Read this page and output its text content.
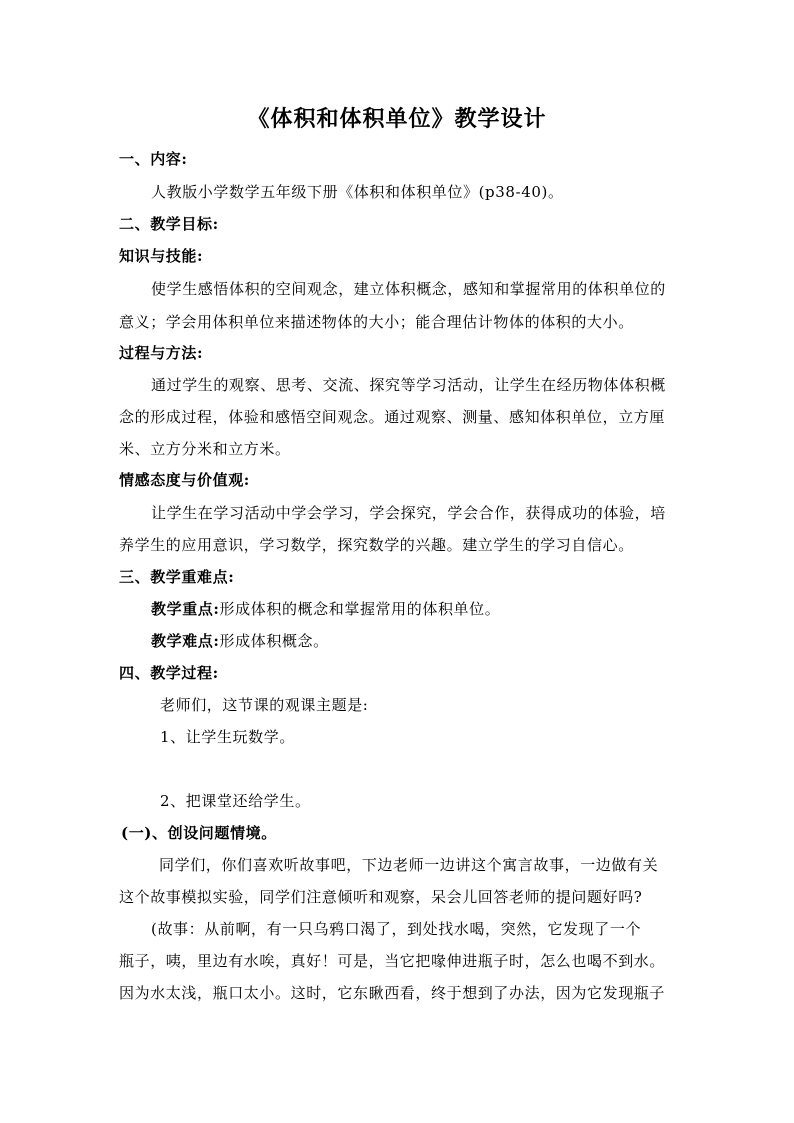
《体积和体积单位》教学设计
一、内容:
人教版小学数学五年级下册《体积和体积单位》(p38-40)。
二、教学目标:
知识与技能:
使学生感悟体积的空间观念，建立体积概念，感知和掌握常用的体积单位的
意义；学会用体积单位来描述物体的大小；能合理估计物体的体积的大小。
过程与方法:
通过学生的观察、思考、交流、探究等学习活动，让学生在经历物体体积概
念的形成过程，体验和感悟空间观念。通过观察、测量、感知体积单位，立方厘
米、立方分米和立方米。
情感态度与价值观:
让学生在学习活动中学会学习，学会探究，学会合作，获得成功的体验，培
养学生的应用意识，学习数学，探究数学的兴趣。建立学生的学习自信心。
三、教学重难点:
教学重点:形成体积的概念和掌握常用的体积单位。
教学难点:形成体积概念。
四、教学过程:
老师们，这节课的观课主题是:
1、让学生玩数学。
2、把课堂还给学生。
(一)、创设问题情境。
同学们，你们喜欢听故事吧，下边老师一边讲这个寓言故事，一边做有关
这个故事模拟实验，同学们注意倾听和观察，呆会儿回答老师的提问题好吗?
(故事：从前啊，有一只乌鸦口渴了，到处找水喝，突然，它发现了一个
瓶子，咦，里边有水唉，真好！可是，当它把喙伸进瓶子时，怎么也喝不到水。
因为水太浅，瓶口太小。这时，它东瞅西看，终于想到了办法，因为它发现瓶子
